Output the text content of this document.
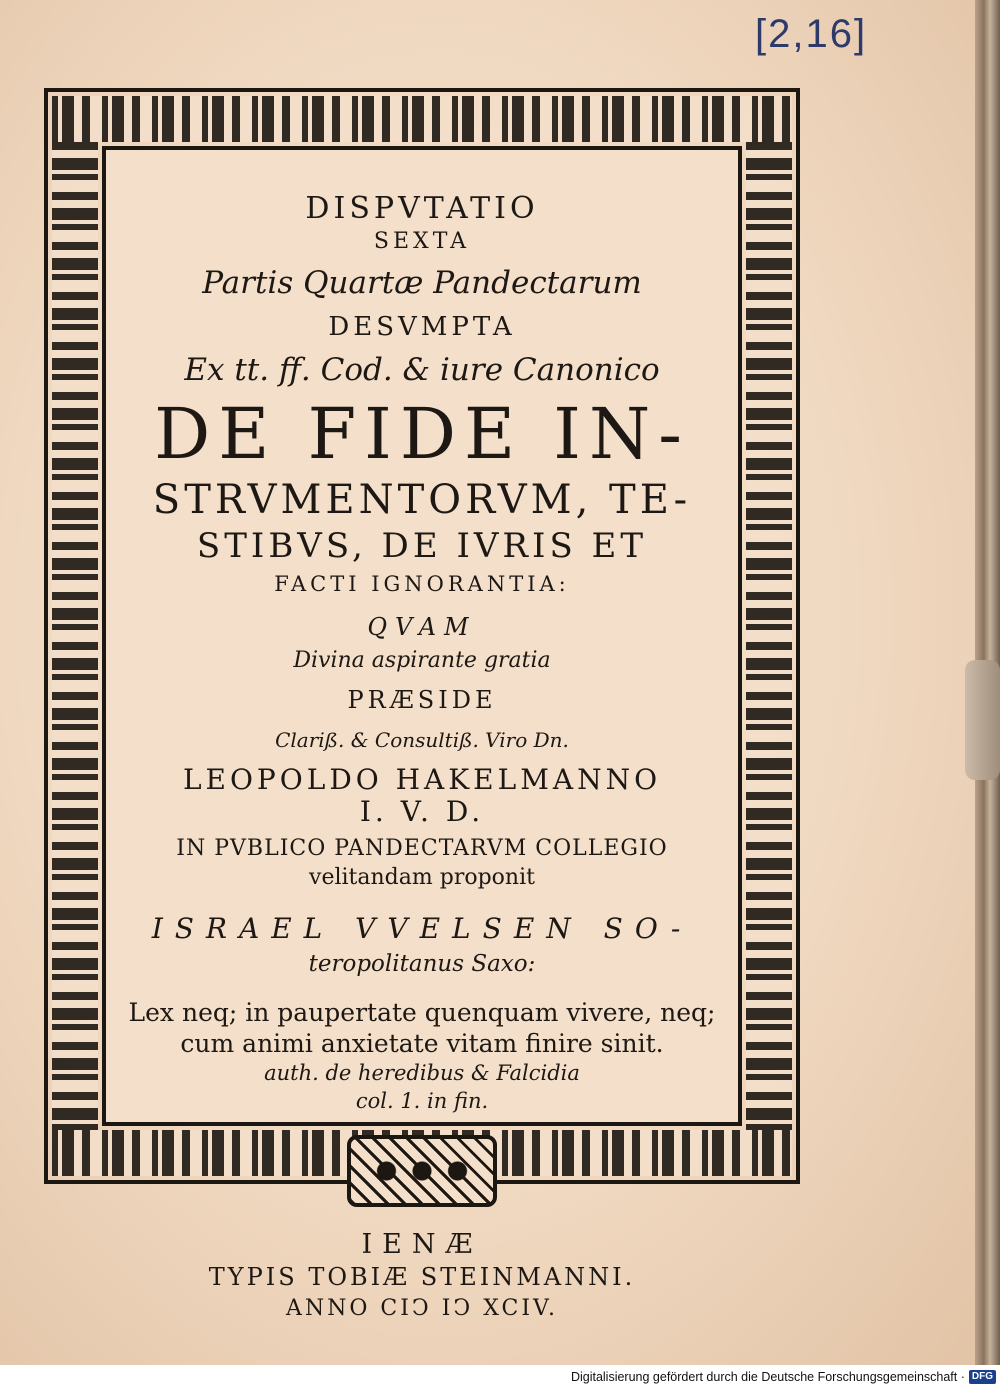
[2,16]

DISPVTATIO

SEXTA

Partis Quartæ Pandectarum

DESVMPTA

Ex tt. ff. Cod. & iure Canonico

DE FIDE IN-

STRVMENTORVM, TE-

STIBVS, DE IVRIS ET

FACTI IGNORANTIA:

QVAM

Divina aspirante gratia

PRÆSIDE

Clariß. & Consultiß. Viro Dn.

LEOPOLDO HAKELMANNO

I. V. D.

IN PVBLICO PANDECTARVM COLLEGIO

velitandam proponit

ISRAEL VVELSEN SO-

teropolitanus Saxo:

Lex neq; in paupertate quenquam vivere, neq;

cum animi anxietate vitam finire sinit.

auth. de heredibus & Falcidia

col. 1. in fin.

IENÆ

TYPIS TOBIÆ STEINMANNI.

ANNO CIↃ IↃ XCIV.

Digitalisierung gefördert durch die Deutsche Forschungsgemeinschaft · DFG
